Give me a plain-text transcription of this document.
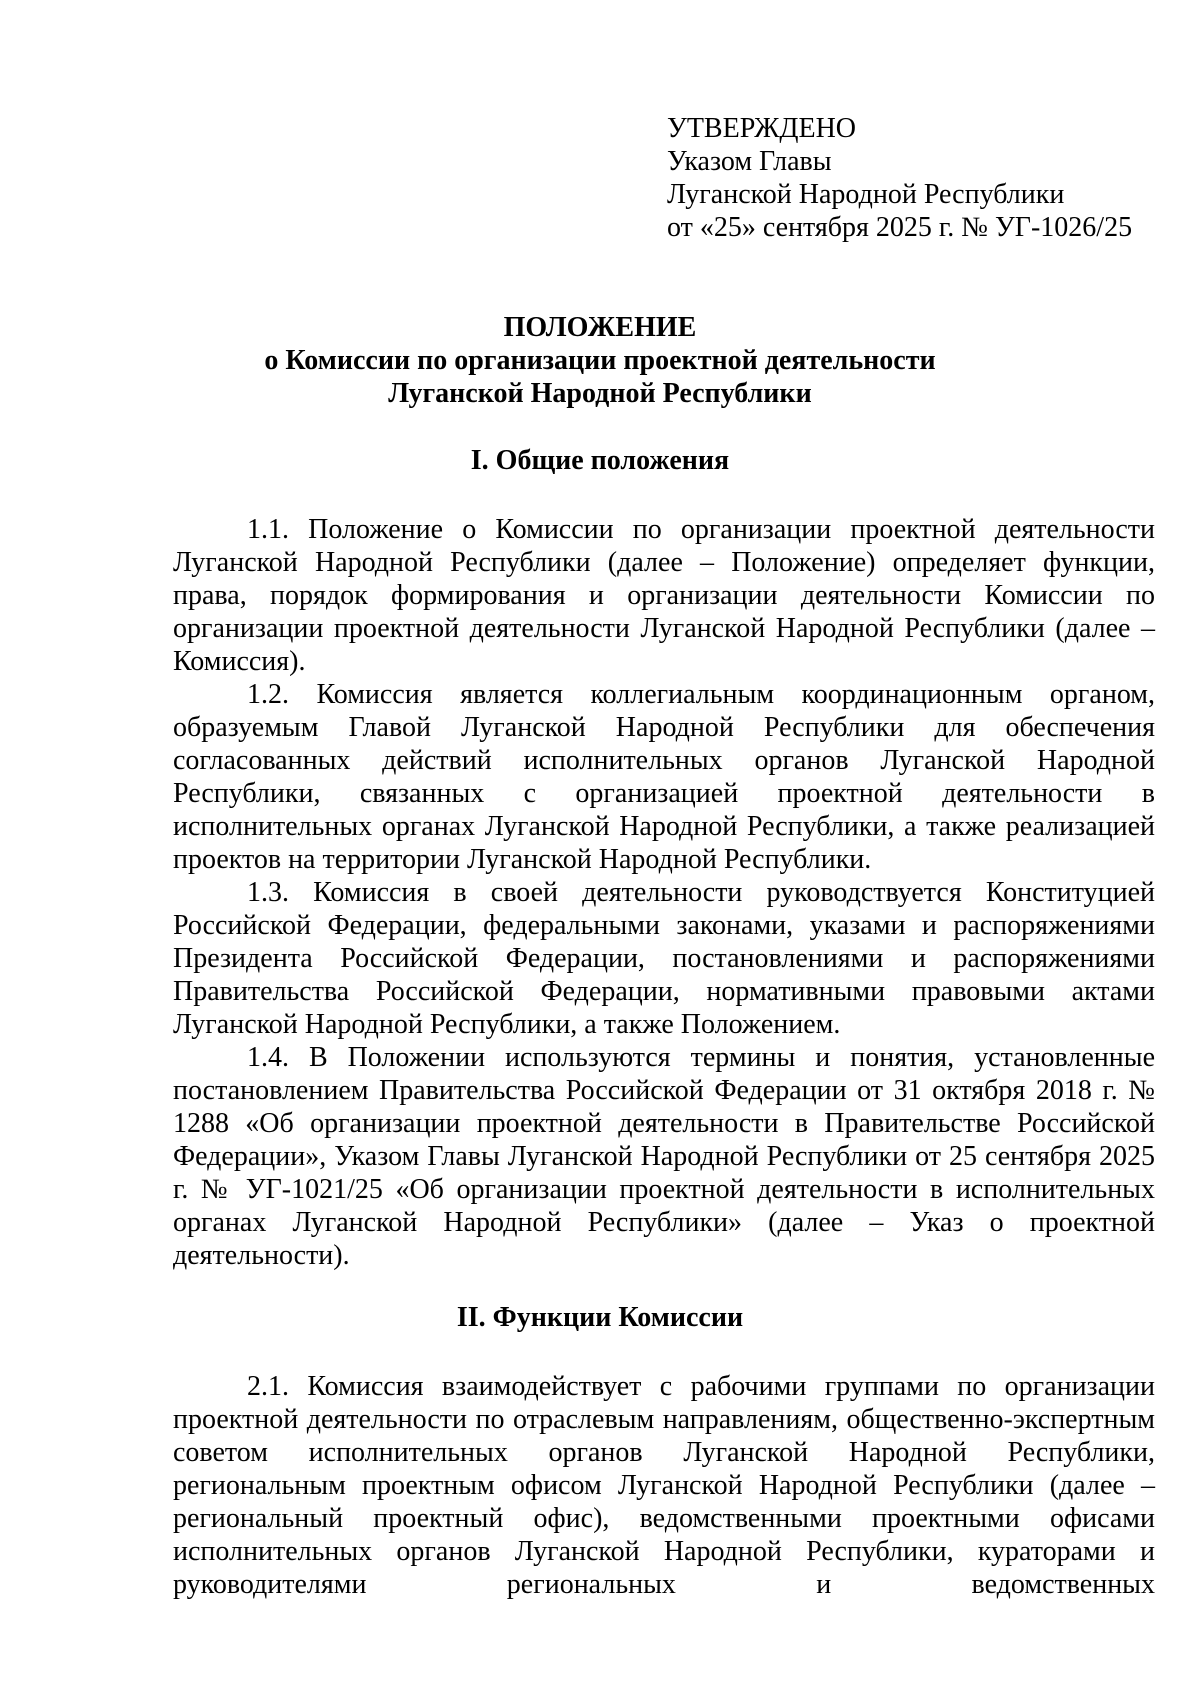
УТВЕРЖДЕНО
Указом Главы
Луганской Народной Республики
от «25» сентября 2025 г. № УГ-1026/25
ПОЛОЖЕНИЕ
о Комиссии по организации проектной деятельности
Луганской Народной Республики
I. Общие положения

1.1. Положение о Комиссии по организации проектной деятельности Луганской Народной Республики (далее – Положение) определяет функции, права, порядок формирования и организации деятельности Комиссии по организации проектной деятельности Луганской Народной Республики (далее – Комиссия).

1.2. Комиссия является коллегиальным координационным органом, образуемым Главой Луганской Народной Республики для обеспечения согласованных действий исполнительных органов Луганской Народной Республики, связанных с организацией проектной деятельности в исполнительных органах Луганской Народной Республики, а также реализацией проектов на территории Луганской Народной Республики.

1.3. Комиссия в своей деятельности руководствуется Конституцией Российской Федерации, федеральными законами, указами и распоряжениями Президента Российской Федерации, постановлениями и распоряжениями Правительства Российской Федерации, нормативными правовыми актами Луганской Народной Республики, а также Положением.

1.4. В Положении используются термины и понятия, установленные постановлением Правительства Российской Федерации от 31 октября 2018 г. № 1288 «Об организации проектной деятельности в Правительстве Российской Федерации», Указом Главы Луганской Народной Республики от 25 сентября 2025 г. № УГ-1021/25 «Об организации проектной деятельности в исполнительных органах Луганской Народной Республики» (далее – Указ о проектной деятельности).

II. Функции Комиссии

2.1. Комиссия взаимодействует с рабочими группами по организации проектной деятельности по отраслевым направлениям, общественно-экспертным советом исполнительных органов Луганской Народной Республики, региональным проектным офисом Луганской Народной Республики (далее – региональный проектный офис), ведомственными проектными офисами исполнительных органов Луганской Народной Республики, кураторами и руководителями региональных и ведомственных
